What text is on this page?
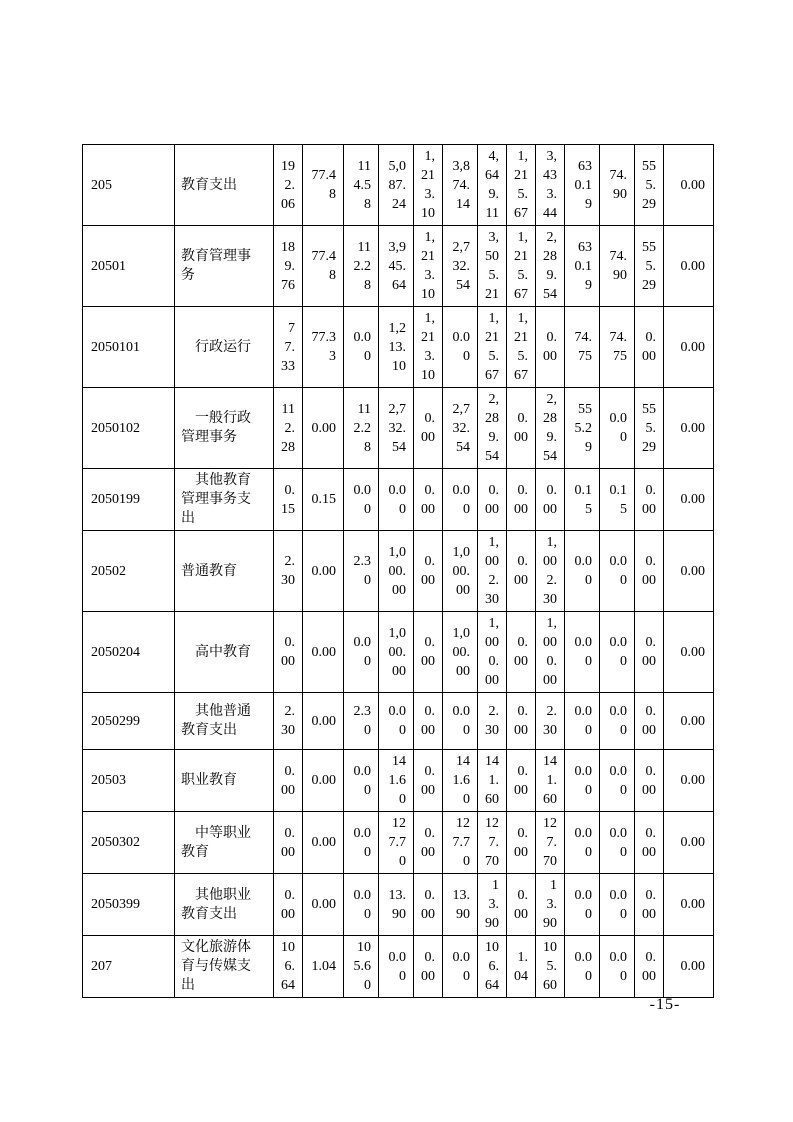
205	教育支出	192.06	77.48	114.58	5,087.24	1,213.10	3,874.14	4,649.11	1,215.67	3,433.44	630.19	74.90	555.29	0.00
20501	教育管理事务	189.76	77.48	112.28	3,945.64	1,213.10	2,732.54	3,505.21	1,215.67	2,289.54	630.19	74.90	555.29	0.00
2050101	　行政运行	77.33	77.33	0.00	1,213.10	1,213.10	0.00	1,215.67	1,215.67	0.00	74.75	74.75	0.00	0.00
2050102	　一般行政管理事务	112.28	0.00	112.28	2,732.54	0.00	2,732.54	2,289.54	0.00	2,289.54	555.29	0.00	555.29	0.00
2050199	　其他教育管理事务支出	0.15	0.15	0.00	0.00	0.00	0.00	0.00	0.00	0.00	0.15	0.15	0.00	0.00
20502	普通教育	2.30	0.00	2.30	1,000.00	0.00	1,000.00	1,002.30	0.00	1,002.30	0.00	0.00	0.00	0.00
2050204	　高中教育	0.00	0.00	0.00	1,000.00	0.00	1,000.00	1,000.00	0.00	1,000.00	0.00	0.00	0.00	0.00
2050299	　其他普通教育支出	2.30	0.00	2.30	0.00	0.00	0.00	2.30	0.00	2.30	0.00	0.00	0.00	0.00
20503	职业教育	0.00	0.00	0.00	141.60	0.00	141.60	141.60	0.00	141.60	0.00	0.00	0.00	0.00
2050302	　中等职业教育	0.00	0.00	0.00	127.70	0.00	127.70	127.70	0.00	127.70	0.00	0.00	0.00	0.00
2050399	　其他职业教育支出	0.00	0.00	0.00	13.90	0.00	13.90	13.90	0.00	13.90	0.00	0.00	0.00	0.00
207	文化旅游体育与传媒支出	106.64	1.04	105.60	0.00	0.00	0.00	106.64	1.04	105.60	0.00	0.00	0.00	0.00
-15-
